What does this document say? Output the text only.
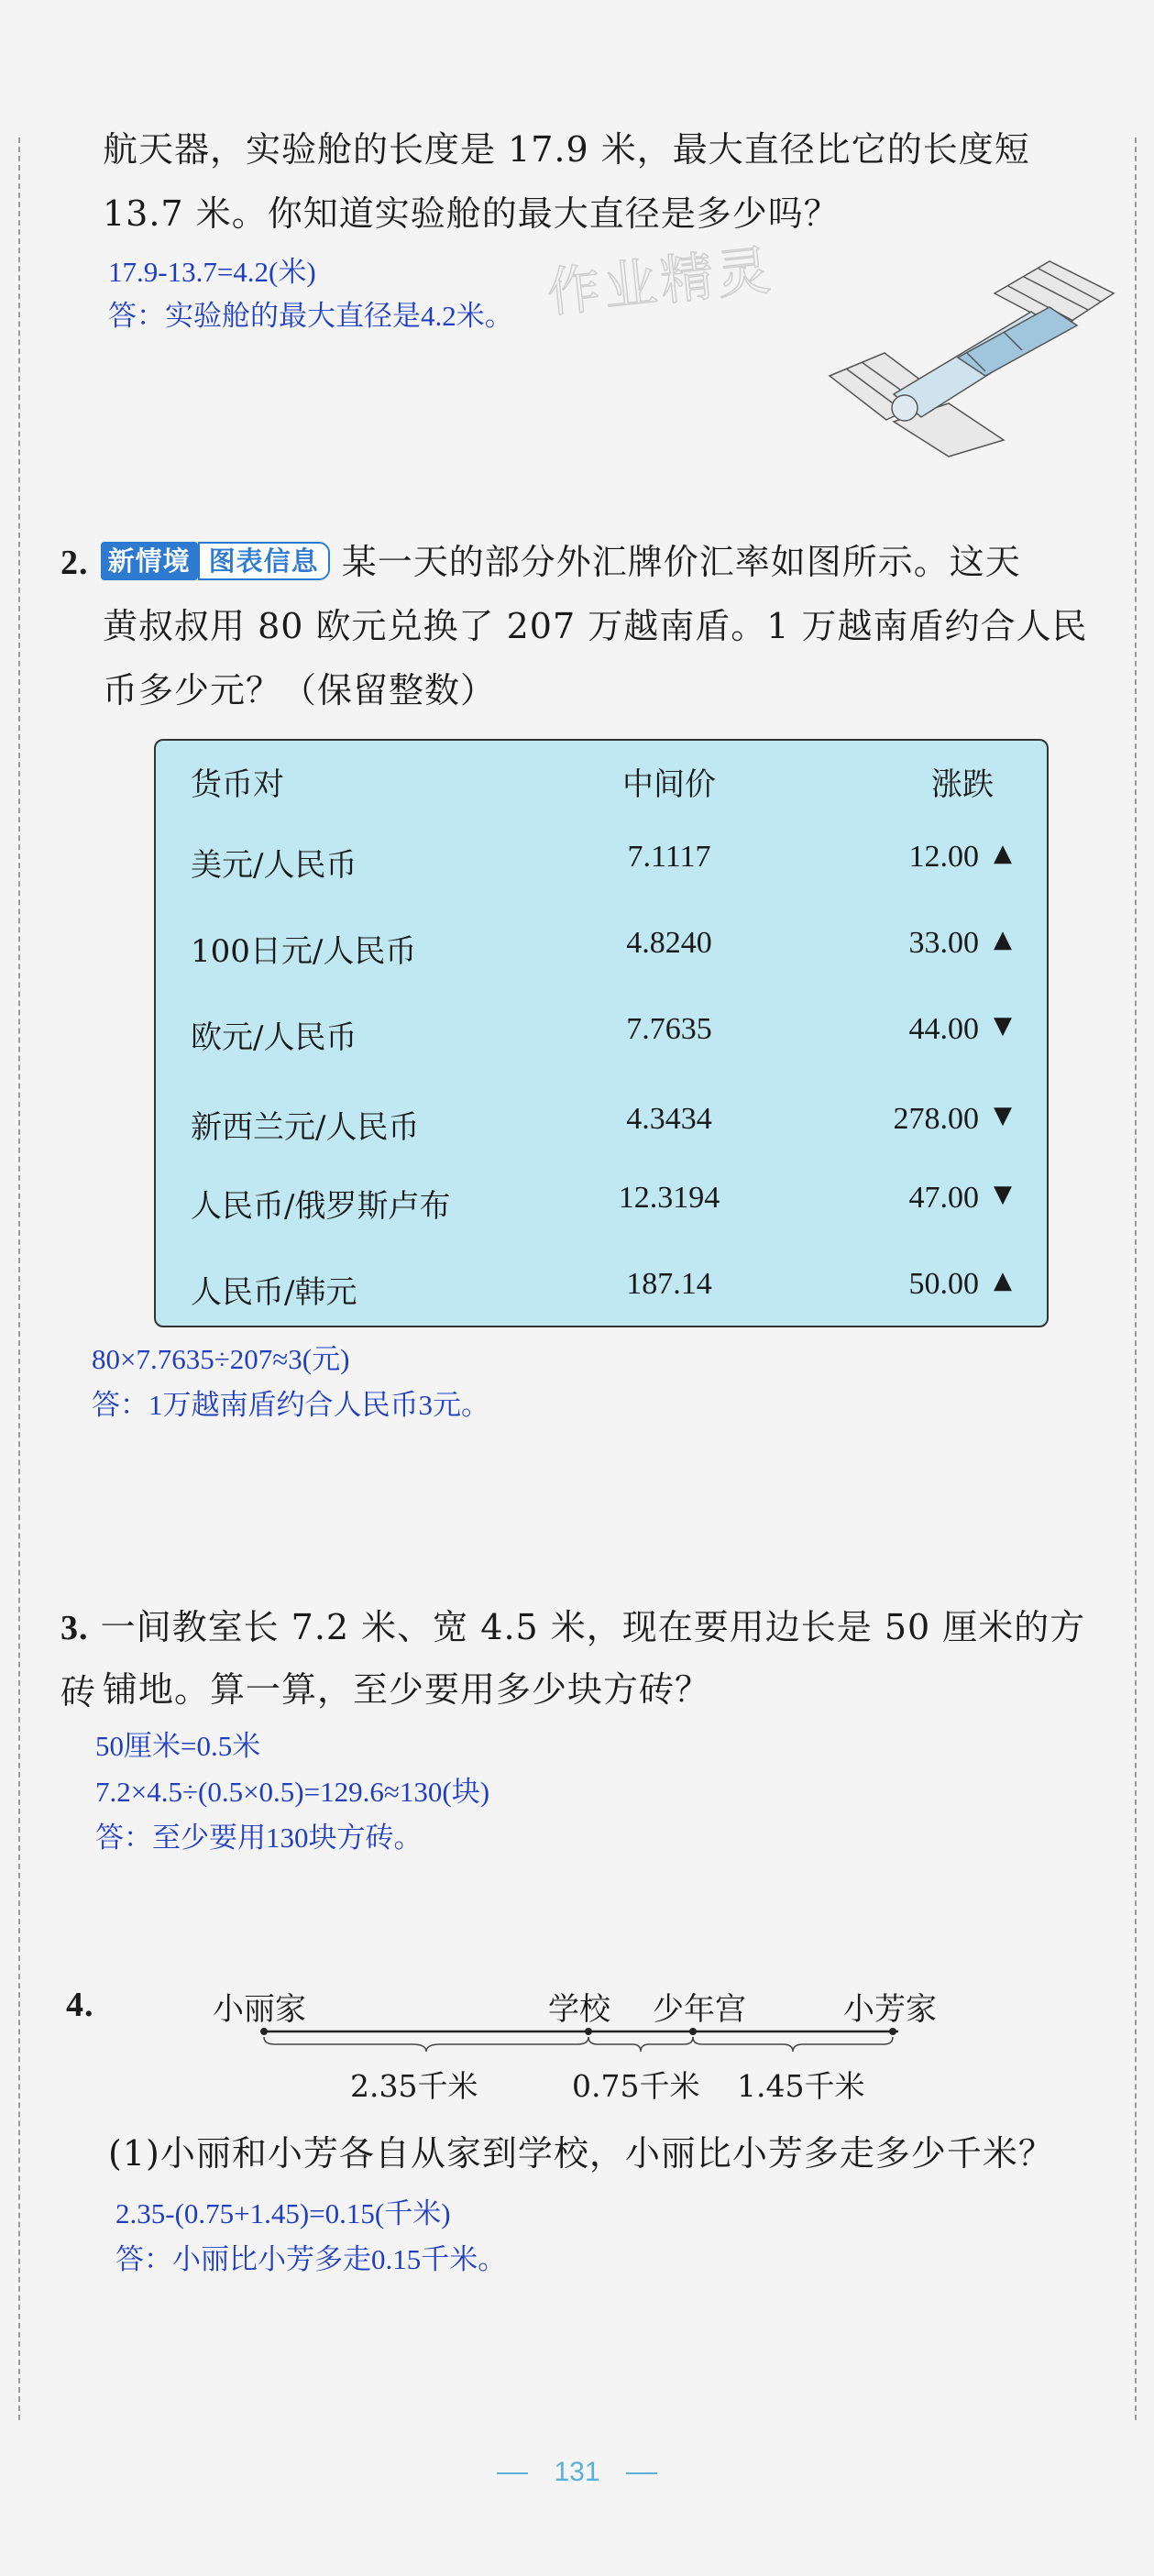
航天器，实验舱的长度是 17.9 米，最大直径比它的长度短
13.7 米。你知道实验舱的最大直径是多少吗？
17.9-13.7=4.2(米)
答：实验舱的最大直径是4.2米。 作业精灵
2. 新情境 图表信息 某一天的部分外汇牌价汇率如图所示。这天
黄叔叔用 80 欧元兑换了 207 万越南盾。1 万越南盾约合人民
币多少元？（保留整数）
货币对	中间价	涨跌
美元/人民币	7.1117	12.00 ▲
100日元/人民币	4.8240	33.00 ▲
欧元/人民币	7.7635	44.00 ▼
新西兰元/人民币	4.3434	278.00 ▼
人民币/俄罗斯卢布	12.3194	47.00 ▼
人民币/韩元	187.14	50.00 ▲
80×7.7635÷207≈3(元)
答：1万越南盾约合人民币3元。
3. 一间教室长 7.2 米、宽 4.5 米，现在要用边长是 50 厘米的方砖 铺地。算一算，至少要用多少块方砖？
50厘米=0.5米
7.2×4.5÷(0.5×0.5)=129.6≈130(块)
答：至少要用130块方砖。
4.	小丽家	学校 少年宫	小芳家
2.35千米	0.75千米 1.45千米
(1)小丽和小芳各自从家到学校，小丽比小芳多走多少千米？
2.35-(0.75+1.45)=0.15(千米)
答：小丽比小芳多走0.15千米。
131
